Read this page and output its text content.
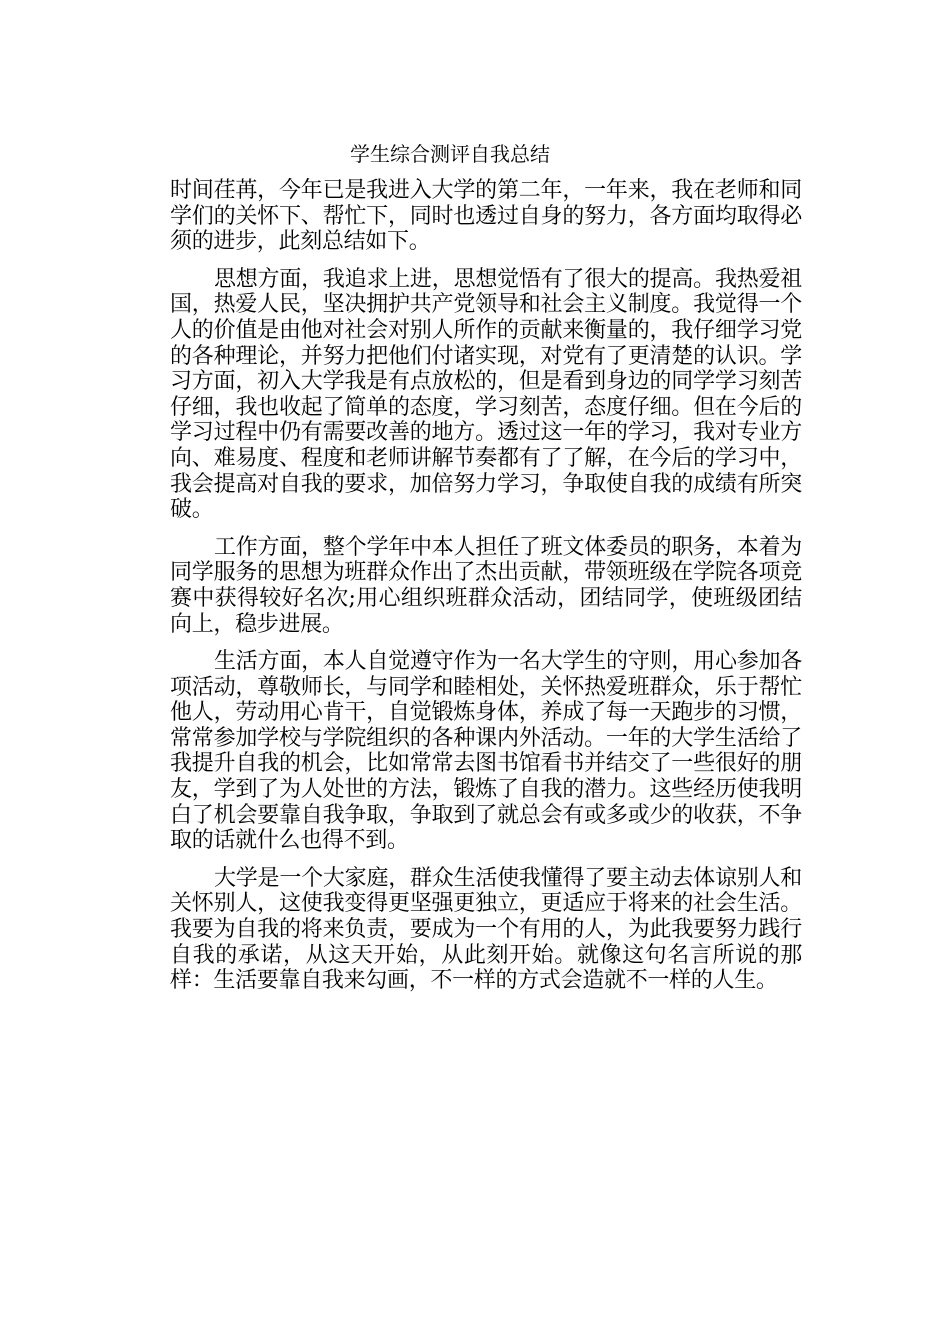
学生综合测评自我总结

时间荏苒，今年已是我进入大学的第二年，一年来，我在老师和同学们的关怀下、帮忙下，同时也透过自身的努力，各方面均取得必须的进步，此刻总结如下。

思想方面，我追求上进，思想觉悟有了很大的提高。我热爱祖国，热爱人民，坚决拥护共产党领导和社会主义制度。我觉得一个人的价值是由他对社会对别人所作的贡献来衡量的，我仔细学习党的各种理论，并努力把他们付诸实现，对党有了更清楚的认识。学习方面，初入大学我是有点放松的，但是看到身边的同学学习刻苦仔细，我也收起了简单的态度，学习刻苦，态度仔细。但在今后的学习过程中仍有需要改善的地方。透过这一年的学习，我对专业方向、难易度、程度和老师讲解节奏都有了了解，在今后的学习中，我会提高对自我的要求，加倍努力学习，争取使自我的成绩有所突破。

工作方面，整个学年中本人担任了班文体委员的职务，本着为同学服务的思想为班群众作出了杰出贡献，带领班级在学院各项竞赛中获得较好名次;用心组织班群众活动，团结同学，使班级团结向上，稳步进展。

生活方面，本人自觉遵守作为一名大学生的守则，用心参加各项活动，尊敬师长，与同学和睦相处，关怀热爱班群众，乐于帮忙他人，劳动用心肯干，自觉锻炼身体，养成了每一天跑步的习惯，常常参加学校与学院组织的各种课内外活动。一年的大学生活给了我提升自我的机会，比如常常去图书馆看书并结交了一些很好的朋友，学到了为人处世的方法，锻炼了自我的潜力。这些经历使我明白了机会要靠自我争取，争取到了就总会有或多或少的收获，不争取的话就什么也得不到。

大学是一个大家庭，群众生活使我懂得了要主动去体谅别人和关怀别人，这使我变得更坚强更独立，更适应于将来的社会生活。我要为自我的将来负责，要成为一个有用的人，为此我要努力践行自我的承诺，从这天开始，从此刻开始。就像这句名言所说的那样：生活要靠自我来勾画，不一样的方式会造就不一样的人生。
